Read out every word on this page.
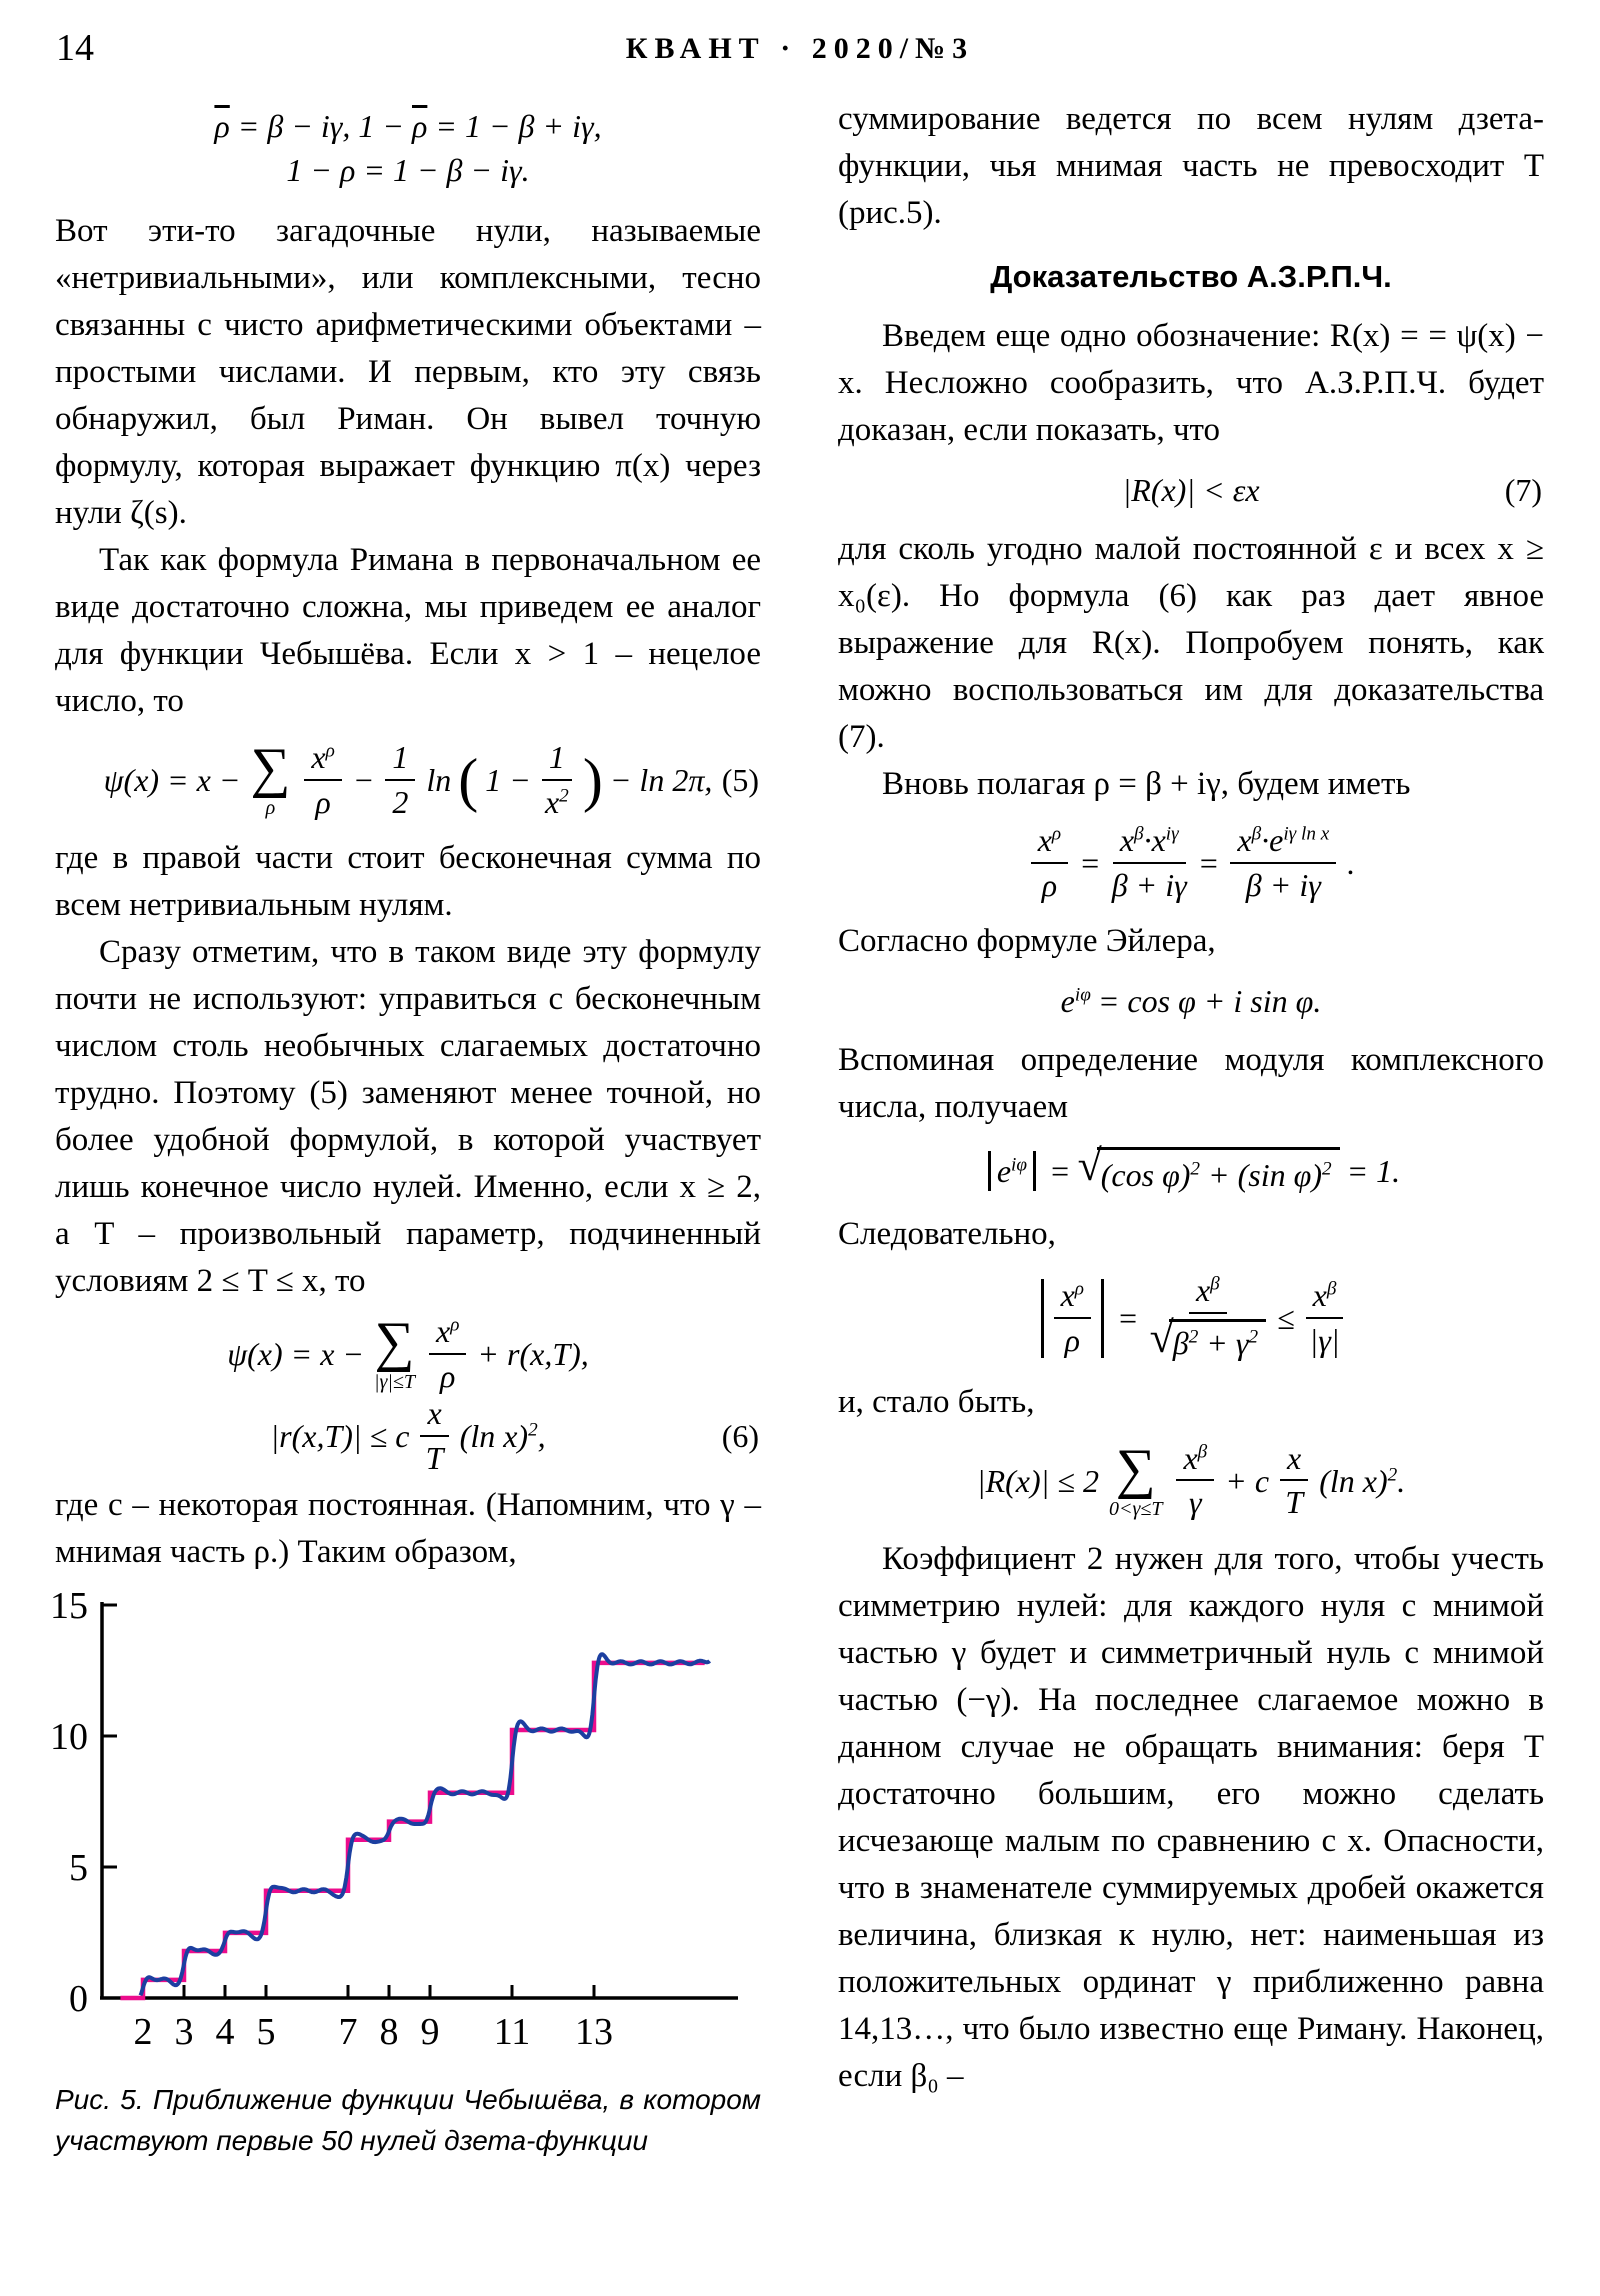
14	КВАНТ · 2020/№3
$\overline{\rho} = \beta - i\gamma$, $1 - \overline{\rho} = 1 - \beta + i\gamma$,
1 − ρ = 1 − β − iγ.

Вот эти-то загадочные нули, называемые «нетривиальными», или комплексными, тесно связанны с чисто арифметическими объектами – простыми числами. И первым, кто эту связь обнаружил, был Риман. Он вывел точную формулу, которая выражает функцию π(x) через нули ζ(s).

Так как формула Римана в первоначальном ее виде достаточно сложна, мы приведем ее аналог для функции Чебышёва. Если x > 1 – нецелое число, то

ψ(x) = x − ∑
ρ $\frac{x^\rho}{\rho} - \frac{1}{2}$ ln ( $1 - \frac{1}{x^2}$ ) − ln 2π, (5)

где в правой части стоит бесконечная сумма по всем нетривиальным нулям.

Сразу отметим, что в таком виде эту формулу почти не используют: управиться с бесконечным числом столь необычных слагаемых достаточно трудно. Поэтому (5) заменяют менее точной, но более удобной формулой, в которой участвует лишь конечное число нулей. Именно, если x ≥ 2, а T – произвольный параметр, подчиненный условиям 2 ≤ T ≤ x, то

ψ(x) = x − ∑
$|\gamma|\le T \frac{x^\rho}{\rho} + r(x,T)$,
|r(x,T)| ≤ c $\frac{x}{T} (\ln$ x)$^2$,	(6)

где c – некоторая постоянная. (Напомним, что γ – мнимая часть ρ.) Таким образом,

2 3 4 5 7 8 9 11 13
0
5
10
15

Рис. 5. Приближение функции Чебышёва, в котором участвуют первые 50 нулей дзета-функции

суммирование ведется по всем нулям дзета-функции, чья мнимая часть не превосходит T (рис.5).

Доказательство А.З.Р.П.Ч.

Введем еще одно обозначение: R(x) = = ψ(x) − x. Несложно сообразить, что А.З.Р.П.Ч. будет доказан, если показать, что

|R(x)| < εx	(7)

для сколь угодно малой постоянной ε и всех x ≥ x₀(ε). Но формула (6) как раз дает явное выражение для R(x). Попробуем понять, как можно воспользоваться им для доказательства (7).

Вновь полагая ρ = β + iγ, будем иметь

$\frac{x^\rho}{\rho} = \frac{x^\beta\cdot x^{i\gamma}}{\beta + i\gamma} = \frac{x^\beta\cdot e^{i\gamma ln x}}{\beta + i\gamma}$ .

Согласно формуле Эйлера,

$e^{i\varphi} = \cos \varphi + i$ sin φ.

Вспоминая определение модуля комплексного числа, получаем

$e^{i\varphi}$ = √ (cos φ)$^2$ + (sin φ)$^2$ = 1.

Следовательно,

$\frac{x^\rho}{\rho} = \frac{x^\beta}{√ \beta^2 + \gamma^2} \le \frac{x^\beta}{|\gamma|}$

и, стало быть,

|R(x)| ≤ 2 ∑
$0<\gamma\le T \frac{x^\beta}{\gamma} + c \frac{x}{T} (\ln$ x)$^2$.

Коэффициент 2 нужен для того, чтобы учесть симметрию нулей: для каждого нуля с мнимой частью γ будет и симметричный нуль с мнимой частью (−γ). На последнее слагаемое можно в данном случае не обращать внимания: беря T достаточно большим, его можно сделать исчезающе малым по сравнению с x. Опасности, что в знаменателе суммируемых дробей окажется величина, близкая к нулю, нет: наименьшая из положительных ординат γ приближенно равна 14,13…, что было известно еще Риману. Наконец, если β₀ –
